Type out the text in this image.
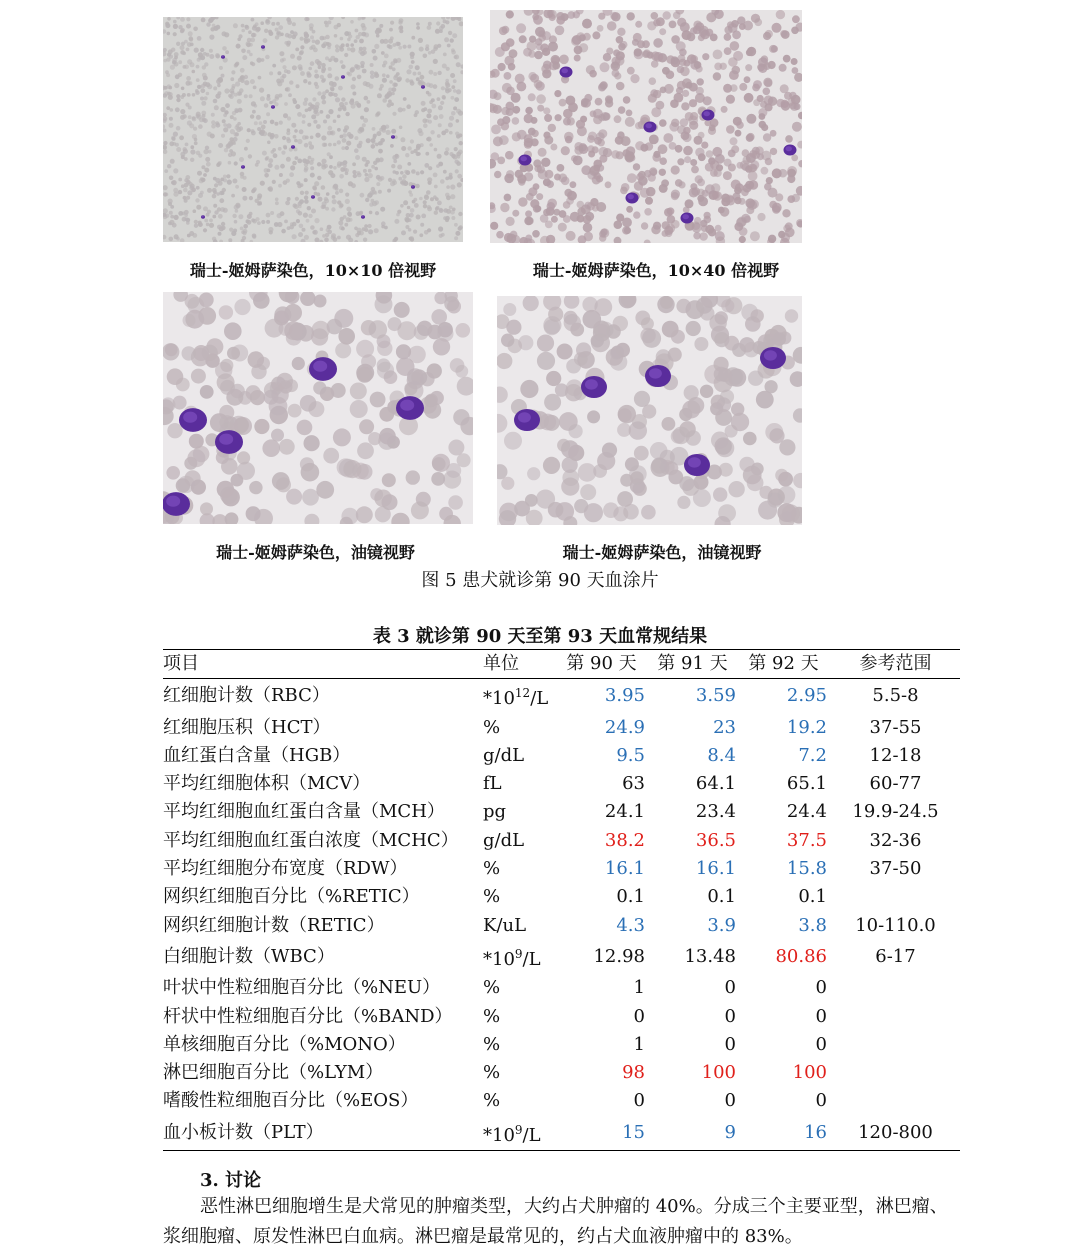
瑞士-姬姆萨染色，10×10 倍视野	瑞士-姬姆萨染色，10×40 倍视野
瑞士-姬姆萨染色，油镜视野	瑞士-姬姆萨染色，油镜视野
图 5 患犬就诊第 90 天血涂片
表 3 就诊第 90 天至第 93 天血常规结果
项目	单位	第 90 天	第 91 天	第 92 天	参考范围
红细胞计数（RBC）	$*10^{12}/L$	3.95	3.59	2.95	5.5-8
红细胞压积（HCT）	%	24.9	23	19.2	37-55
血红蛋白含量（HGB）	g/dL	9.5	8.4	7.2	12-18
平均红细胞体积（MCV）	fL	63	64.1	65.1	60-77
平均红细胞血红蛋白含量（MCH）	pg	24.1	23.4	24.4	19.9-24.5
平均红细胞血红蛋白浓度（MCHC）	g/dL	38.2	36.5	37.5	32-36
平均红细胞分布宽度（RDW）	%	16.1	16.1	15.8	37-50
网织红细胞百分比（%RETIC）	%	0.1	0.1	0.1	
网织红细胞计数（RETIC）	K/uL	4.3	3.9	3.8	10-110.0
白细胞计数（WBC）	$*10^9/L$	12.98	13.48	80.86	6-17
叶状中性粒细胞百分比（%NEU）	%	1	0	0	
杆状中性粒细胞百分比（%BAND）	%	0	0	0	
单核细胞百分比（%MONO）	%	1	0	0	
淋巴细胞百分比（%LYM）	%	98	100	100	
嗜酸性粒细胞百分比（%EOS）	%	0	0	0	
血小板计数（PLT）	$*10^9/L$	15	9	16	120-800
3. 讨论
恶性淋巴细胞增生是犬常见的肿瘤类型，大约占犬肿瘤的 40%。分成三个主要亚型，淋巴瘤、浆细胞瘤、原发性淋巴白血病。淋巴瘤是最常见的，约占犬血液肿瘤中的 83%。
